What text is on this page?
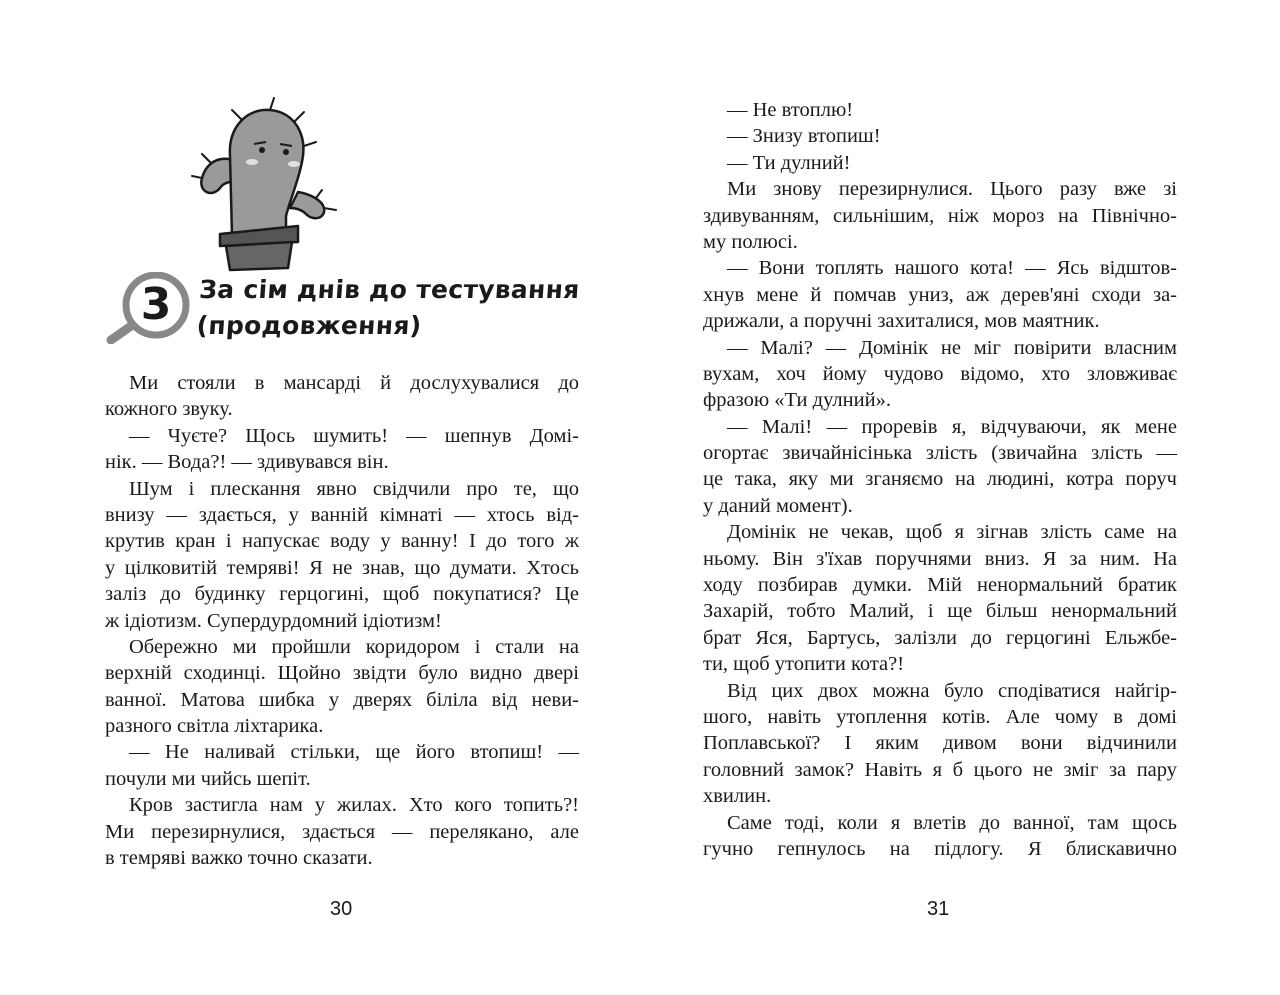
3	За сім днів до тестування
(продовження)
Ми стояли в мансарді й дослухувалися до
кожного звуку.
— Чуєте? Щось шумить! — шепнув Домі-
нік. — Вода?! — здивувався він.
Шум і плескання явно свідчили про те, що
внизу — здається, у ванній кімнаті — хтось від-
крутив кран і напускає воду у ванну! І до того ж
у цілковитій темряві! Я не знав, що думати. Хтось
заліз до будинку герцогині, щоб покупатися? Це
ж ідіотизм. Супердурдомний ідіотизм!
Обережно ми пройшли коридором і стали на
верхній сходинці. Щойно звідти було видно двері
ванної. Матова шибка у дверях біліла від неви-
разного світла ліхтарика.
— Не наливай стільки, ще його втопиш! —
почули ми чийсь шепіт.
Кров застигла нам у жилах. Хто кого топить?!
Ми перезирнулися, здається — перелякано, але
в темряві важко точно сказати.
30
— Не втоплю!
— Знизу втопиш!
— Ти дулний!
Ми знову перезирнулися. Цього разу вже зі
здивуванням, сильнішим, ніж мороз на Північно-
му полюсі.
— Вони топлять нашого кота! — Ясь відштов-
хнув мене й помчав униз, аж дерев'яні сходи за-
дрижали, а поручні захиталися, мов маятник.
— Малі? — Домінік не міг повірити власним
вухам, хоч йому чудово відомо, хто зловживає
фразою «Ти дулний».
— Малі! — проревів я, відчуваючи, як мене
огортає звичайнісінька злість (звичайна злість —
це така, яку ми зганяємо на людині, котра поруч
у даний момент).
Домінік не чекав, щоб я зігнав злість саме на
ньому. Він з'їхав поручнями вниз. Я за ним. На
ходу позбирав думки. Мій ненормальний братик
Захарій, тобто Малий, і ще більш ненормальний
брат Яся, Бартусь, залізли до герцогині Ельжбе-
ти, щоб утопити кота?!
Від цих двох можна було сподіватися найгір-
шого, навіть утоплення котів. Але чому в домі
Поплавської? І яким дивом вони відчинили
головний замок? Навіть я б цього не зміг за пару
хвилин.
Саме тоді, коли я влетів до ванної, там щось
гучно гепнулось на підлогу. Я блискавично
31
